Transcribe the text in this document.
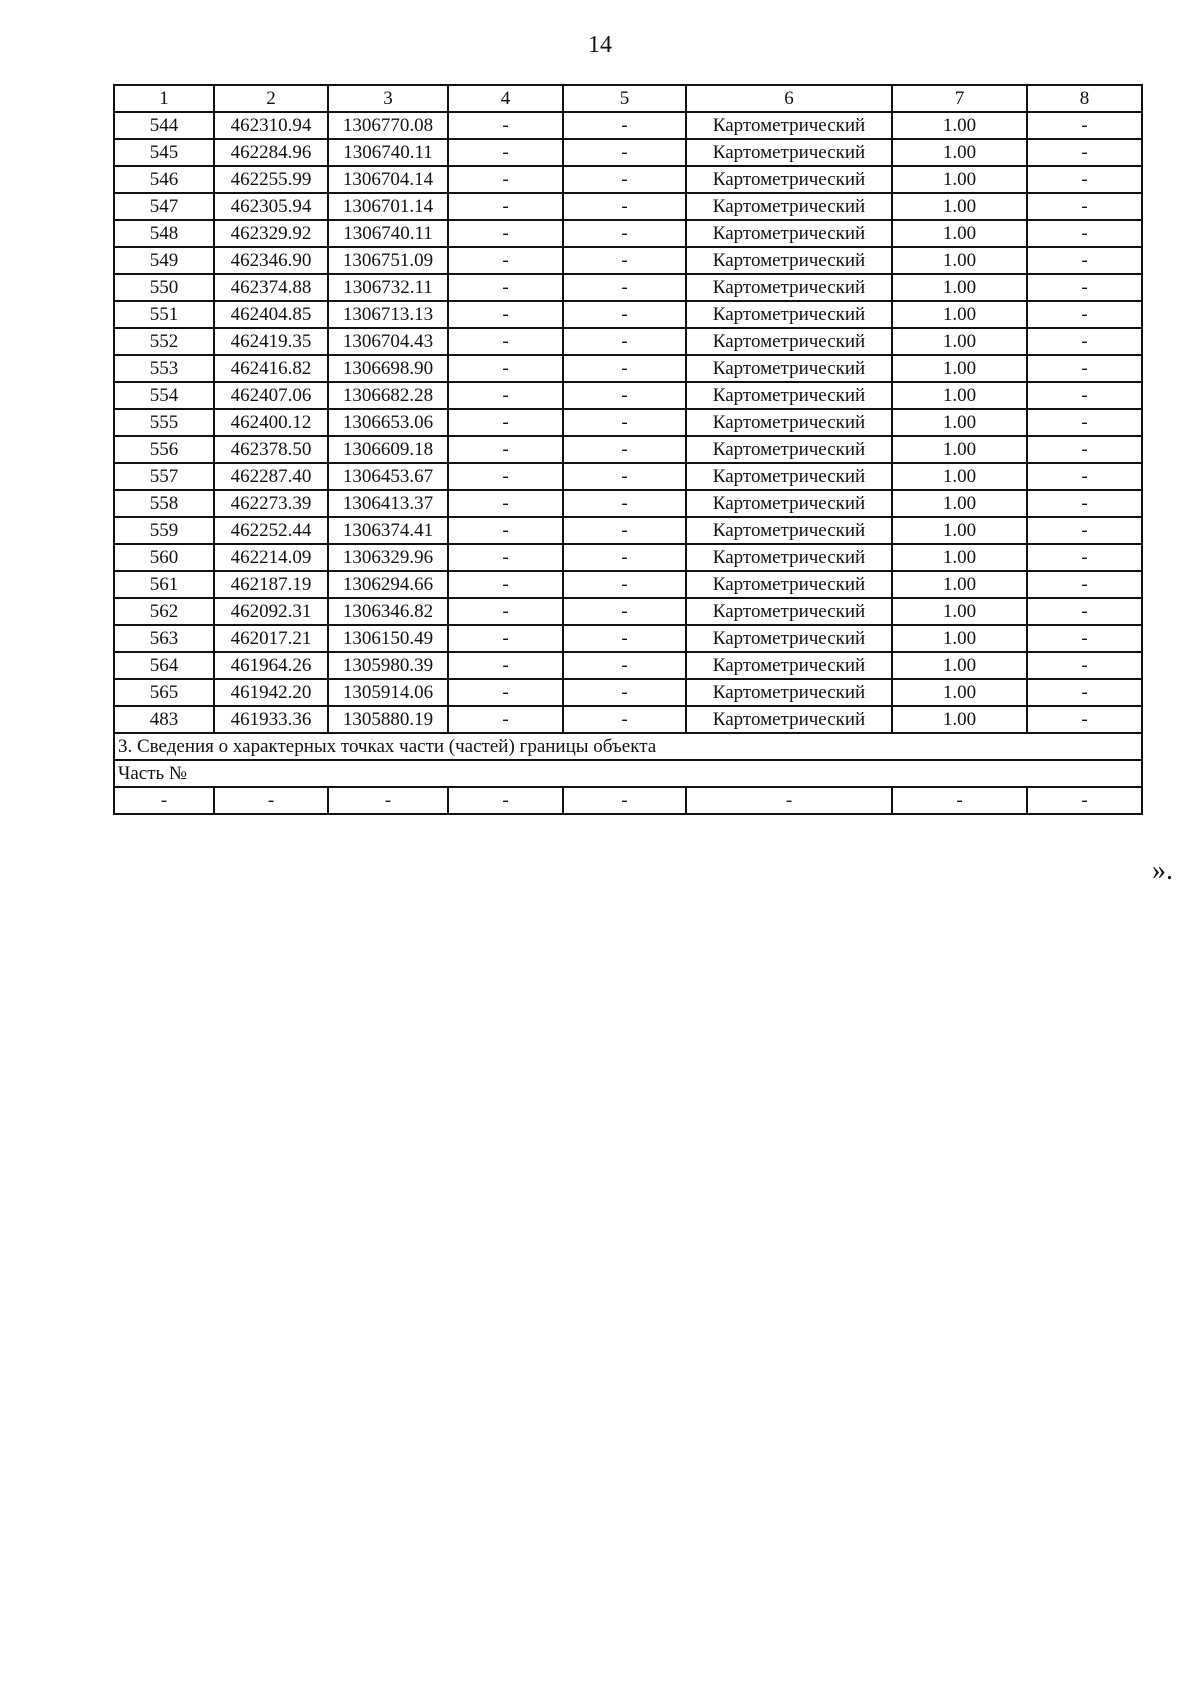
14
1	2	3	4	5	6	7	8
544	462310.94	1306770.08	-	-	Картометрический	1.00	-
545	462284.96	1306740.11	-	-	Картометрический	1.00	-
546	462255.99	1306704.14	-	-	Картометрический	1.00	-
547	462305.94	1306701.14	-	-	Картометрический	1.00	-
548	462329.92	1306740.11	-	-	Картометрический	1.00	-
549	462346.90	1306751.09	-	-	Картометрический	1.00	-
550	462374.88	1306732.11	-	-	Картометрический	1.00	-
551	462404.85	1306713.13	-	-	Картометрический	1.00	-
552	462419.35	1306704.43	-	-	Картометрический	1.00	-
553	462416.82	1306698.90	-	-	Картометрический	1.00	-
554	462407.06	1306682.28	-	-	Картометрический	1.00	-
555	462400.12	1306653.06	-	-	Картометрический	1.00	-
556	462378.50	1306609.18	-	-	Картометрический	1.00	-
557	462287.40	1306453.67	-	-	Картометрический	1.00	-
558	462273.39	1306413.37	-	-	Картометрический	1.00	-
559	462252.44	1306374.41	-	-	Картометрический	1.00	-
560	462214.09	1306329.96	-	-	Картометрический	1.00	-
561	462187.19	1306294.66	-	-	Картометрический	1.00	-
562	462092.31	1306346.82	-	-	Картометрический	1.00	-
563	462017.21	1306150.49	-	-	Картометрический	1.00	-
564	461964.26	1305980.39	-	-	Картометрический	1.00	-
565	461942.20	1305914.06	-	-	Картометрический	1.00	-
483	461933.36	1305880.19	-	-	Картометрический	1.00	-
3. Сведения о характерных точках части (частей) границы объекта							
Часть №							
-	-	-	-	-	-	-	-
».
